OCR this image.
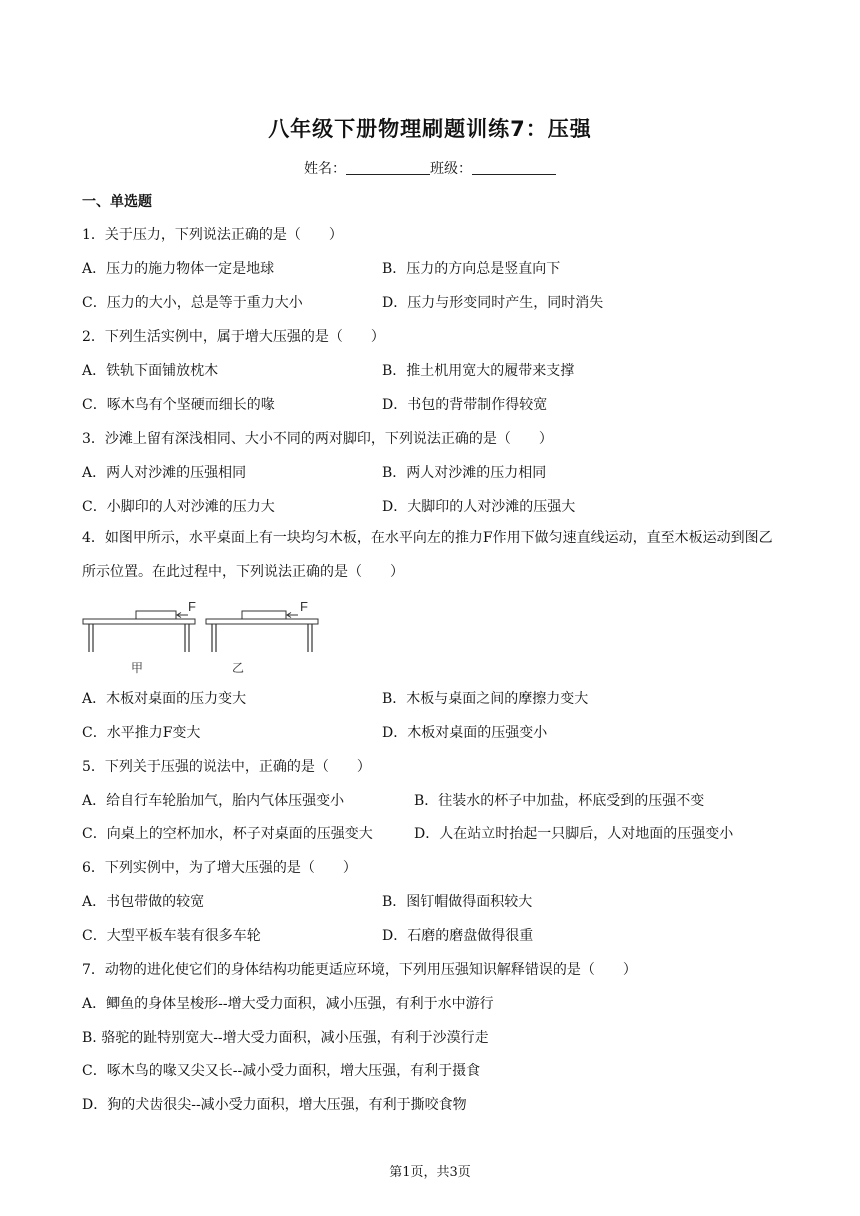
八年级下册物理刷题训练7：压强
姓名：	班级：
一、单选题
1．关于压力，下列说法正确的是（　　）
A．压力的施力物体一定是地球	B．压力的方向总是竖直向下
C．压力的大小，总是等于重力大小	D．压力与形变同时产生，同时消失
2．下列生活实例中，属于增大压强的是（　　）
A．铁轨下面铺放枕木	B．推土机用宽大的履带来支撑
C．啄木鸟有个坚硬而细长的喙	D．书包的背带制作得较宽
3．沙滩上留有深浅相同、大小不同的两对脚印，下列说法正确的是（　　）
A．两人对沙滩的压强相同	B．两人对沙滩的压力相同
C．小脚印的人对沙滩的压力大	D．大脚印的人对沙滩的压强大
4．如图甲所示，水平桌面上有一块均匀木板，在水平向左的推力F作用下做匀速直线运动，直至木板运动到图乙所示位置。在此过程中，下列说法正确的是（　　）
F
甲
F
乙
A．木板对桌面的压力变大	B．木板与桌面之间的摩擦力变大
C．水平推力F变大	D．木板对桌面的压强变小
5．下列关于压强的说法中，正确的是（　　）
A．给自行车轮胎加气，胎内气体压强变小	B．往装水的杯子中加盐，杯底受到的压强不变
C．向桌上的空杯加水，杯子对桌面的压强变大	D．人在站立时抬起一只脚后，人对地面的压强变小
6．下列实例中，为了增大压强的是（　　）
A．书包带做的较宽	B．图钉帽做得面积较大
C．大型平板车装有很多车轮	D．石磨的磨盘做得很重
7．动物的进化使它们的身体结构功能更适应环境，下列用压强知识解释错误的是（　　）
A．鲫鱼的身体呈梭形--增大受力面积，减小压强，有利于水中游行
B. 骆驼的趾特别宽大--增大受力面积，减小压强，有利于沙漠行走
C．啄木鸟的喙又尖又长--减小受力面积，增大压强，有利于摄食
D．狗的犬齿很尖--减小受力面积，增大压强，有利于撕咬食物
第1页，共3页
